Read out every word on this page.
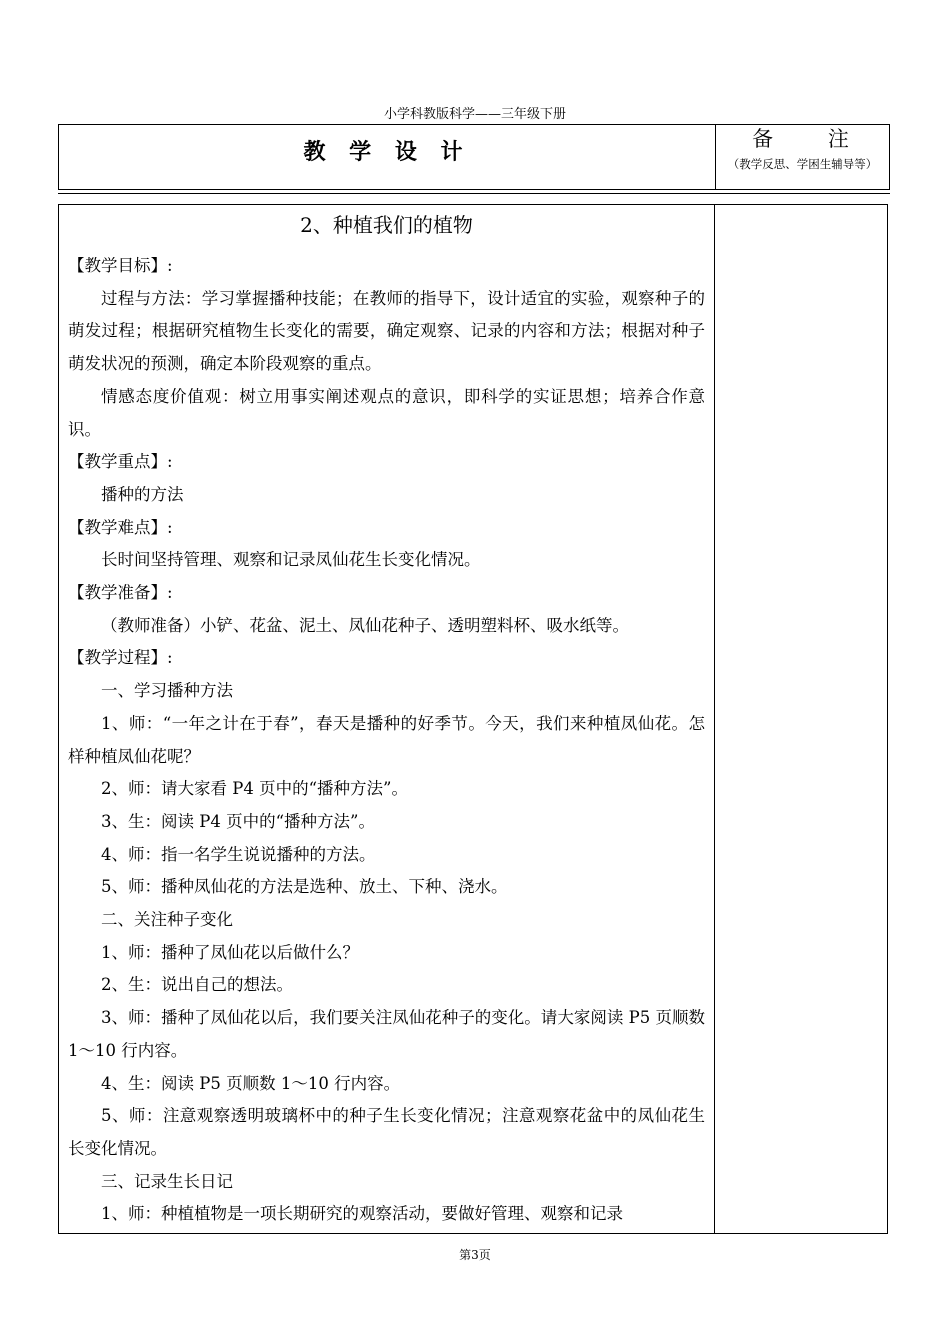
小学科教版科学——三年级下册
教 学 设 计
备 注
（教学反思、学困生辅导等）
2、种植我们的植物

【教学目标】:

过程与方法：学习掌握播种技能；在教师的指导下，设计适宜的实验，观察种子的萌发过程；根据研究植物生长变化的需要，确定观察、记录的内容和方法；根据对种子萌发状况的预测，确定本阶段观察的重点。

情感态度价值观：树立用事实阐述观点的意识，即科学的实证思想；培养合作意识。

【教学重点】:

播种的方法

【教学难点】:

长时间坚持管理、观察和记录凤仙花生长变化情况。

【教学准备】:

（教师准备）小铲、花盆、泥土、凤仙花种子、透明塑料杯、吸水纸等。

【教学过程】:

一、学习播种方法

1、师：“一年之计在于春”，春天是播种的好季节。今天，我们来种植凤仙花。怎样种植凤仙花呢？

2、师：请大家看 P4 页中的“播种方法”。

3、生：阅读 P4 页中的“播种方法”。

4、师：指一名学生说说播种的方法。

5、师：播种凤仙花的方法是选种、放土、下种、浇水。

二、关注种子变化

1、师：播种了凤仙花以后做什么？

2、生：说出自己的想法。

3、师：播种了凤仙花以后，我们要关注凤仙花种子的变化。请大家阅读 P5 页顺数 1～10 行内容。

4、生：阅读 P5 页顺数 1～10 行内容。

5、师：注意观察透明玻璃杯中的种子生长变化情况；注意观察花盆中的凤仙花生长变化情况。

三、记录生长日记

1、师：种植植物是一项长期研究的观察活动，要做好管理、观察和记录

第3页
